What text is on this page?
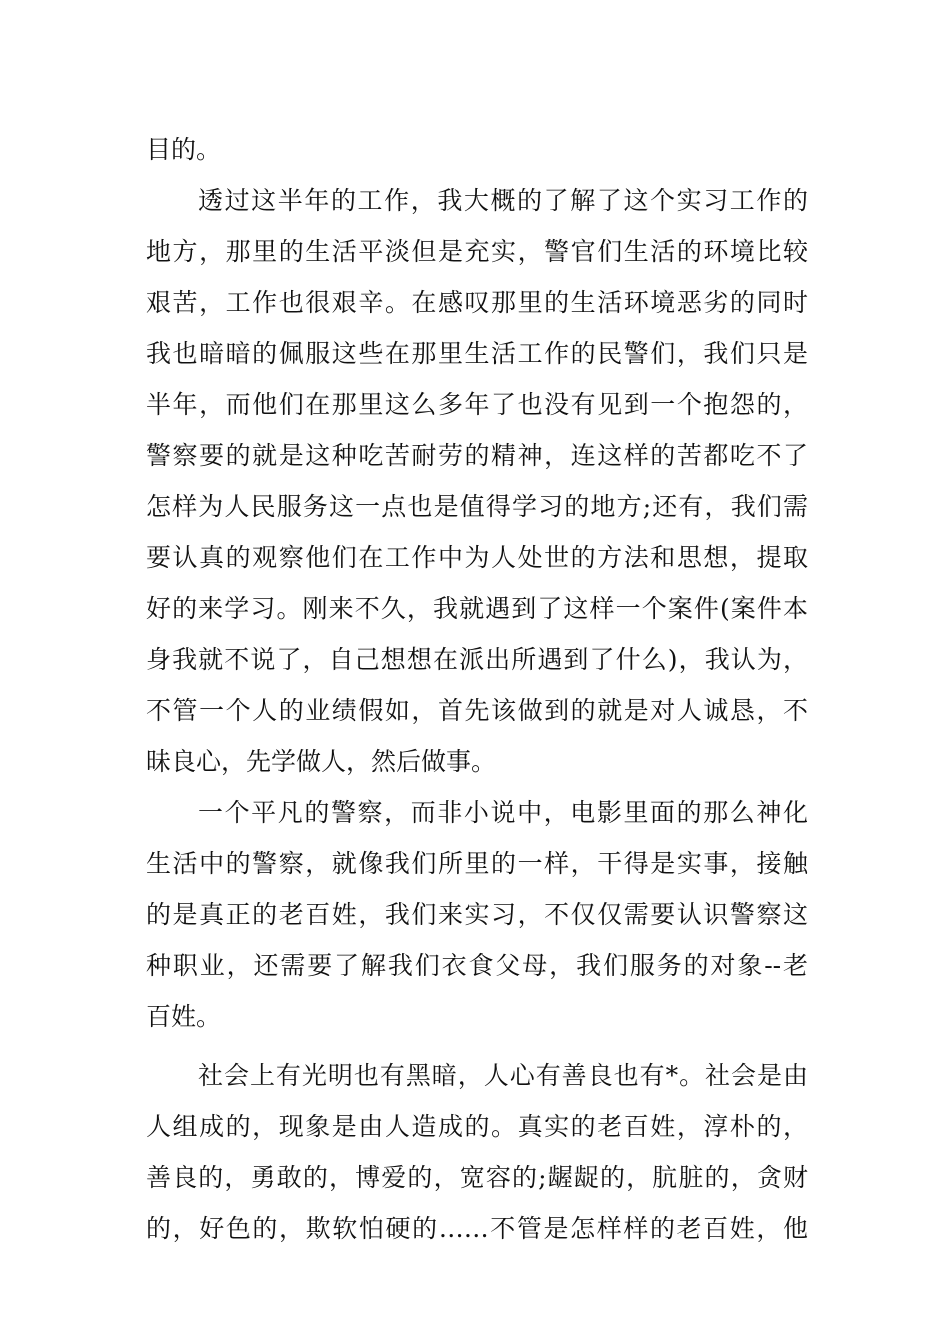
目的。
透过这半年的工作，我大概的了解了这个实习工作的
地方，那里的生活平淡但是充实，警官们生活的环境比较
艰苦，工作也很艰辛。在感叹那里的生活环境恶劣的同时
我也暗暗的佩服这些在那里生活工作的民警们，我们只是
半年，而他们在那里这么多年了也没有见到一个抱怨的，
警察要的就是这种吃苦耐劳的精神，连这样的苦都吃不了
怎样为人民服务这一点也是值得学习的地方;还有，我们需
要认真的观察他们在工作中为人处世的方法和思想，提取
好的来学习。刚来不久，我就遇到了这样一个案件(案件本
身我就不说了，自己想想在派出所遇到了什么)，我认为，
不管一个人的业绩假如，首先该做到的就是对人诚恳，不
昧良心，先学做人，然后做事。
一个平凡的警察，而非小说中，电影里面的那么神化
生活中的警察，就像我们所里的一样，干得是实事，接触
的是真正的老百姓，我们来实习，不仅仅需要认识警察这
种职业，还需要了解我们衣食父母，我们服务的对象--老
百姓。
社会上有光明也有黑暗，人心有善良也有*。社会是由
人组成的，现象是由人造成的。真实的老百姓，淳朴的，
善良的，勇敢的，博爱的，宽容的;龌龊的，肮脏的，贪财
的，好色的，欺软怕硬的……不管是怎样样的老百姓，他
